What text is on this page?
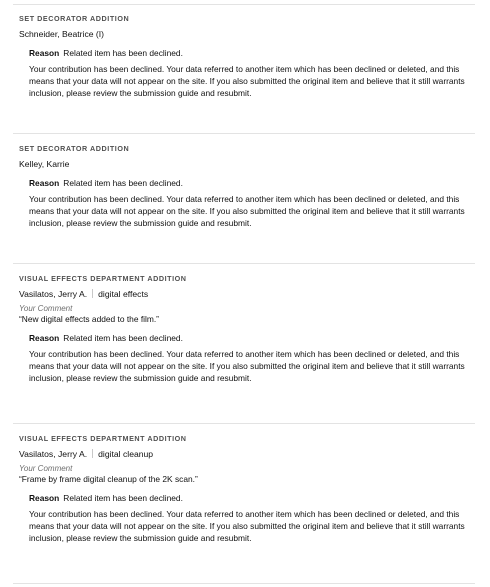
SET DECORATOR ADDITION
Schneider, Beatrice (I)
Reason Related item has been declined.
Your contribution has been declined. Your data referred to another item which has been declined or deleted, and this means that your data will not appear on the site. If you also submitted the original item and believe that it still warrants inclusion, please review the submission guide and resubmit.
SET DECORATOR ADDITION
Kelley, Karrie
Reason Related item has been declined.
Your contribution has been declined. Your data referred to another item which has been declined or deleted, and this means that your data will not appear on the site. If you also submitted the original item and believe that it still warrants inclusion, please review the submission guide and resubmit.
VISUAL EFFECTS DEPARTMENT ADDITION
Vasilatos, Jerry A. digital effects
Your Comment
“New digital effects added to the film.”
Reason Related item has been declined.
Your contribution has been declined. Your data referred to another item which has been declined or deleted, and this means that your data will not appear on the site. If you also submitted the original item and believe that it still warrants inclusion, please review the submission guide and resubmit.
VISUAL EFFECTS DEPARTMENT ADDITION
Vasilatos, Jerry A. digital cleanup
Your Comment
“Frame by frame digital cleanup of the 2K scan.”
Reason Related item has been declined.
Your contribution has been declined. Your data referred to another item which has been declined or deleted, and this means that your data will not appear on the site. If you also submitted the original item and believe that it still warrants inclusion, please review the submission guide and resubmit.
